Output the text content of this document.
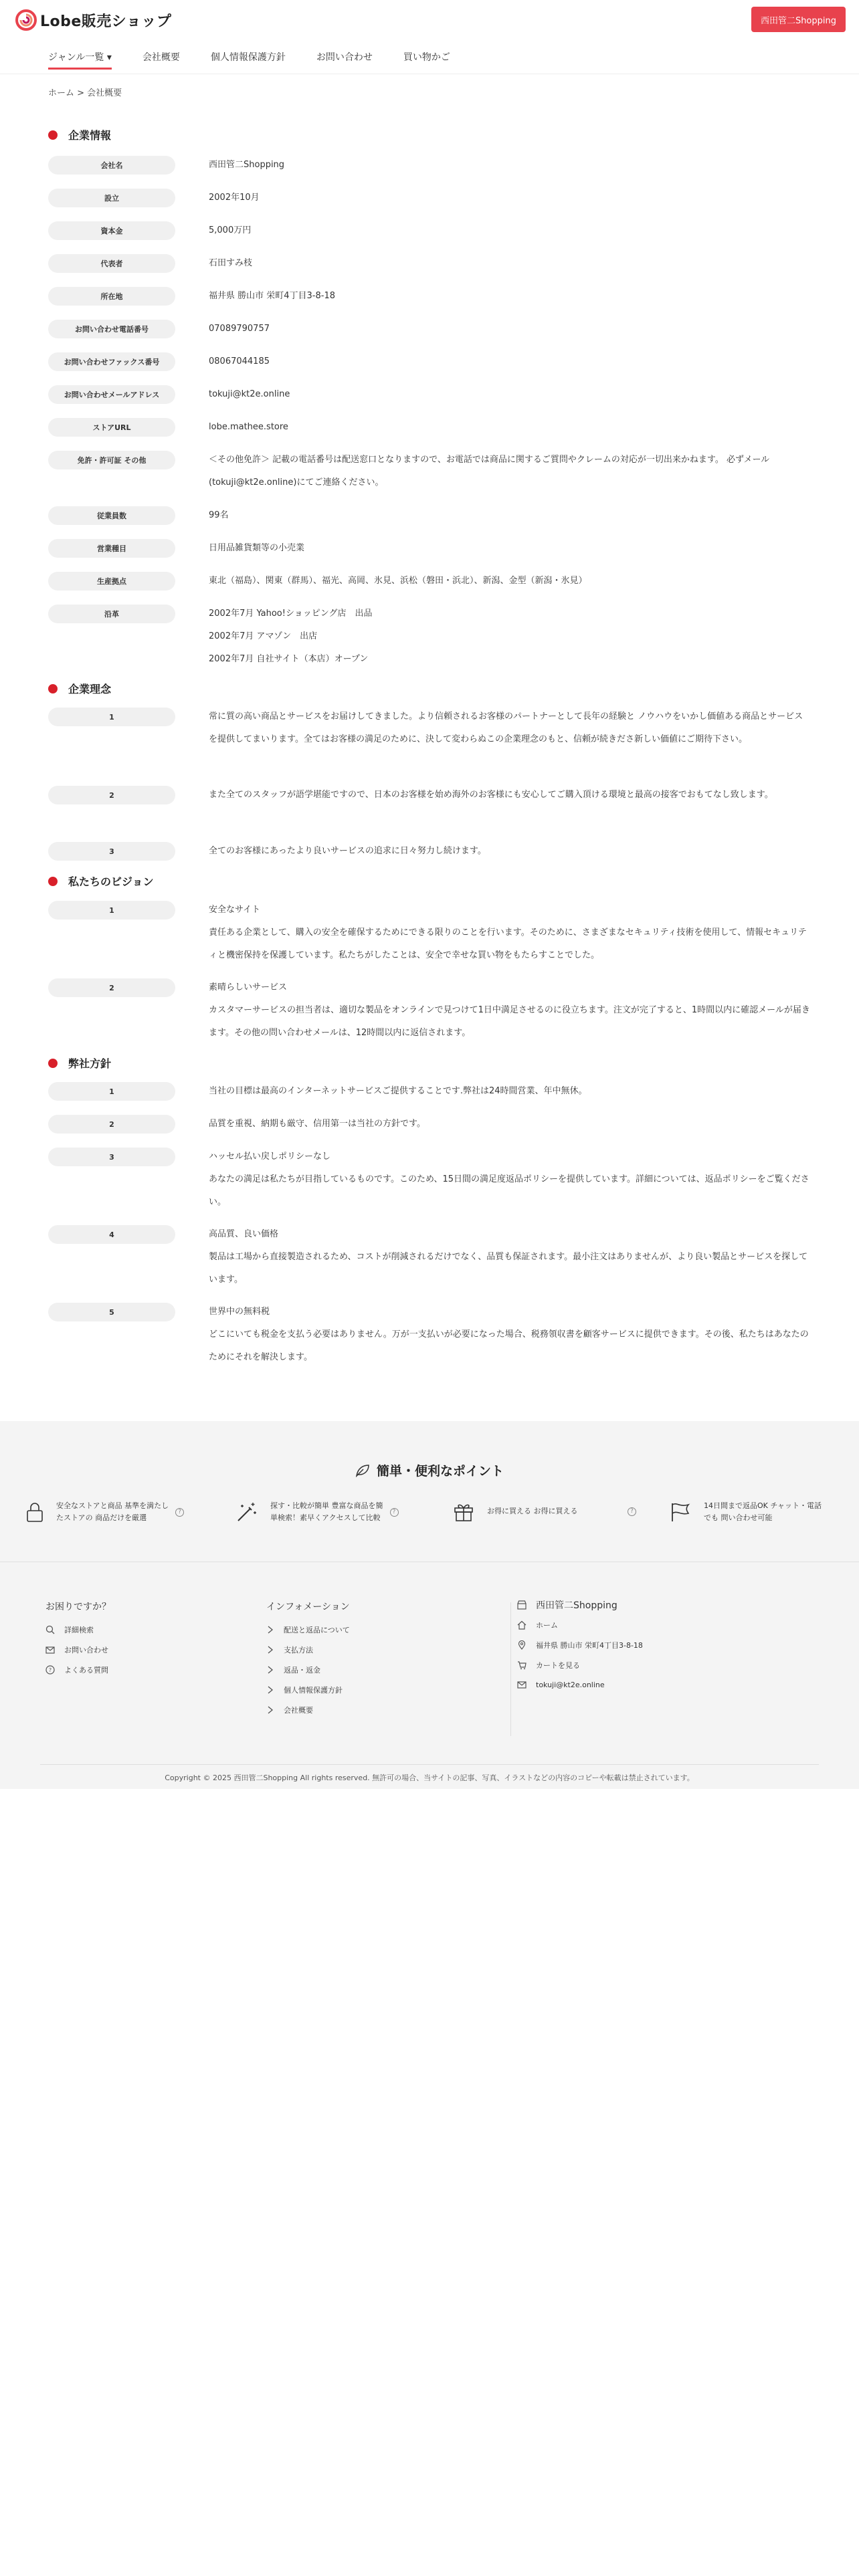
Lobe販売ショップ	西田管二Shopping
ジャンル一覧 ▾	会社概要	個人情報保護方針	お問い合わせ	買い物かご
ホーム > 会社概要
企業情報
会社名	西田管二Shopping
設立	2002年10月
資本金	5,000万円
代表者	石田すみ枝
所在地	福井県 勝山市 栄町4丁目3-8-18
お問い合わせ電話番号	07089790757
お問い合わせファックス番号	08067044185
お問い合わせメールアドレス	tokuji@kt2e.online
ストアURL	lobe.mathee.store
免許・許可証 その他	＜その他免許＞ 記載の電話番号は配送窓口となりますので、お電話では商品に関するご質問やクレームの対応が一切出来かねます。 必ずメール(tokuji@kt2e.online)にてご連絡ください。
従業員数	99名
営業種目	日用品雑貨類等の小売業
生産拠点	東北（福島）、関東（群馬）、福光、高岡、氷見、浜松（磐田・浜北）、新潟、金型（新潟・氷見）
沿革	2002年7月 Yahoo!ショッピング店　出品
2002年7月 アマゾン　出店
2002年7月 自社サイト（本店）オープン
企業理念
1	常に質の高い商品とサービスをお届けしてきました。より信頼されるお客様のパートナーとして長年の経験と ノウハウをいかし価値ある商品とサービスを提供してまいります。全てはお客様の満足のために、決して変わらぬこの企業理念のもと、信頼が続きださ新しい価値にご期待下さい。
2	また全てのスタッフが語学堪能ですので、日本のお客様を始め海外のお客様にも安心してご購入頂ける環境と最高の接客でおもてなし致します。
3	全てのお客様にあったより良いサービスの追求に日々努力し続けます。
私たちのビジョン
1	安全なサイト
責任ある企業として、購入の安全を確保するためにできる限りのことを行います。そのために、さまざまなセキュリティ技術を使用して、情報セキュリティと機密保持を保護しています。私たちがしたことは、安全で幸せな買い物をもたらすことでした。
2	素晴らしいサービス
カスタマーサービスの担当者は、適切な製品をオンラインで見つけて1日中満足させるのに役立ちます。注文が完了すると、1時間以内に確認メールが届きます。その他の問い合わせメールは、12時間以内に返信されます。
弊社方針
1	当社の目標は最高のインターネットサービスご提供することです.弊社は24時間営業、年中無休。
2	品質を重視、納期も厳守、信用第一は当社の方針です。
3	ハッセル払い戻しポリシーなし
あなたの満足は私たちが目指しているものです。このため、15日間の満足度返品ポリシーを提供しています。詳細については、返品ポリシーをご覧ください。
4	高品質、良い価格
製品は工場から直接製造されるため、コストが削減されるだけでなく、品質も保証されます。最小注文はありませんが、より良い製品とサービスを探しています。
5	世界中の無料税
どこにいても税金を支払う必要はありません。万が一支払いが必要になった場合、税務領収書を顧客サービスに提供できます。その後、私たちはあなたのためにそれを解決します。
簡単・便利なポイント
安全なストアと商品 基準を満たし
たストアの 商品だけを厳選
?
探す・比較が簡単 豊富な商品を簡
単検索！素早くアクセスして比較
?	お得に買える お得に買える	?
14日間まで返品OK チャット・電話
でも 問い合わせ可能
お困りですか？
詳細検索
お問い合わせ
? よくある質問
インフォメーション
配送と返品について
支払方法
返品・返金
個人情報保護方針
会社概要
西田管二Shopping
ホーム
福井県 勝山市 栄町4丁目3-8-18
カートを見る
tokuji@kt2e.online
Copyright © 2025 西田管二Shopping All rights reserved. 無許可の場合、当サイトの記事、写真、イラストなどの内容のコピーや転載は禁止されています。
